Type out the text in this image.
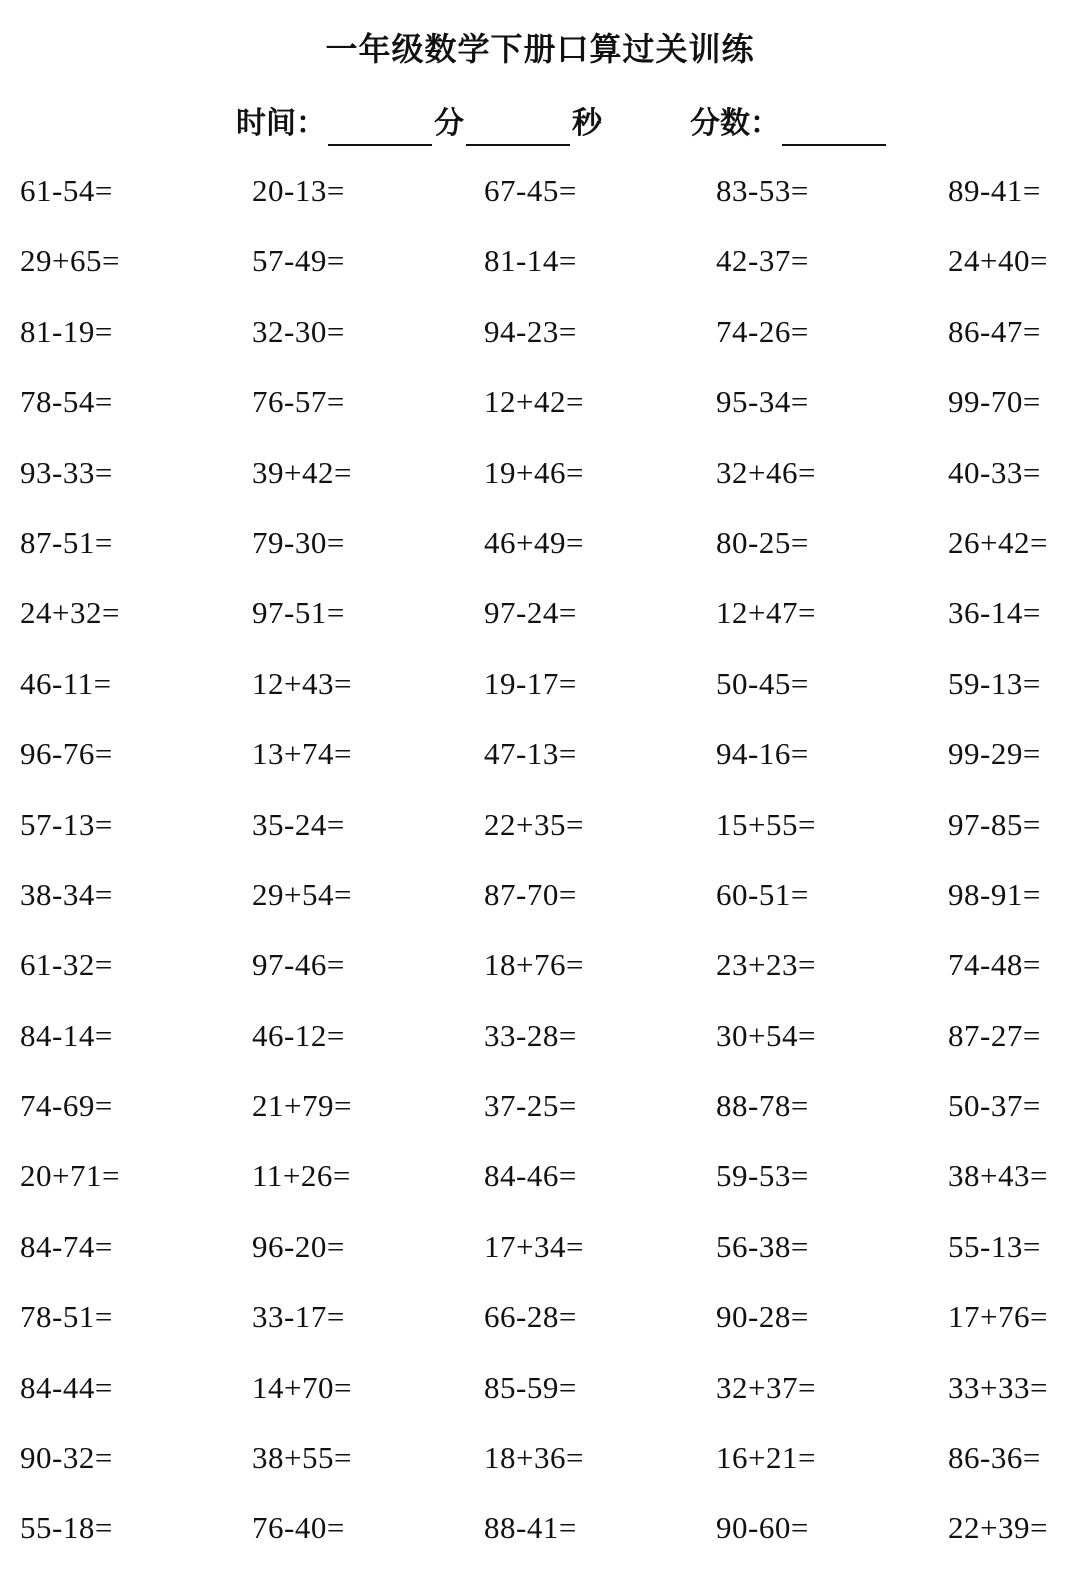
一年级数学下册口算过关训练
时间：	分	秒	分数：
61-54=	20-13=	67-45=	83-53=	89-41=
29+65=	57-49=	81-14=	42-37=	24+40=
81-19=	32-30=	94-23=	74-26=	86-47=
78-54=	76-57=	12+42=	95-34=	99-70=
93-33=	39+42=	19+46=	32+46=	40-33=
87-51=	79-30=	46+49=	80-25=	26+42=
24+32=	97-51=	97-24=	12+47=	36-14=
46-11=	12+43=	19-17=	50-45=	59-13=
96-76=	13+74=	47-13=	94-16=	99-29=
57-13=	35-24=	22+35=	15+55=	97-85=
38-34=	29+54=	87-70=	60-51=	98-91=
61-32=	97-46=	18+76=	23+23=	74-48=
84-14=	46-12=	33-28=	30+54=	87-27=
74-69=	21+79=	37-25=	88-78=	50-37=
20+71=	11+26=	84-46=	59-53=	38+43=
84-74=	96-20=	17+34=	56-38=	55-13=
78-51=	33-17=	66-28=	90-28=	17+76=
84-44=	14+70=	85-59=	32+37=	33+33=
90-32=	38+55=	18+36=	16+21=	86-36=
55-18=	76-40=	88-41=	90-60=	22+39=
